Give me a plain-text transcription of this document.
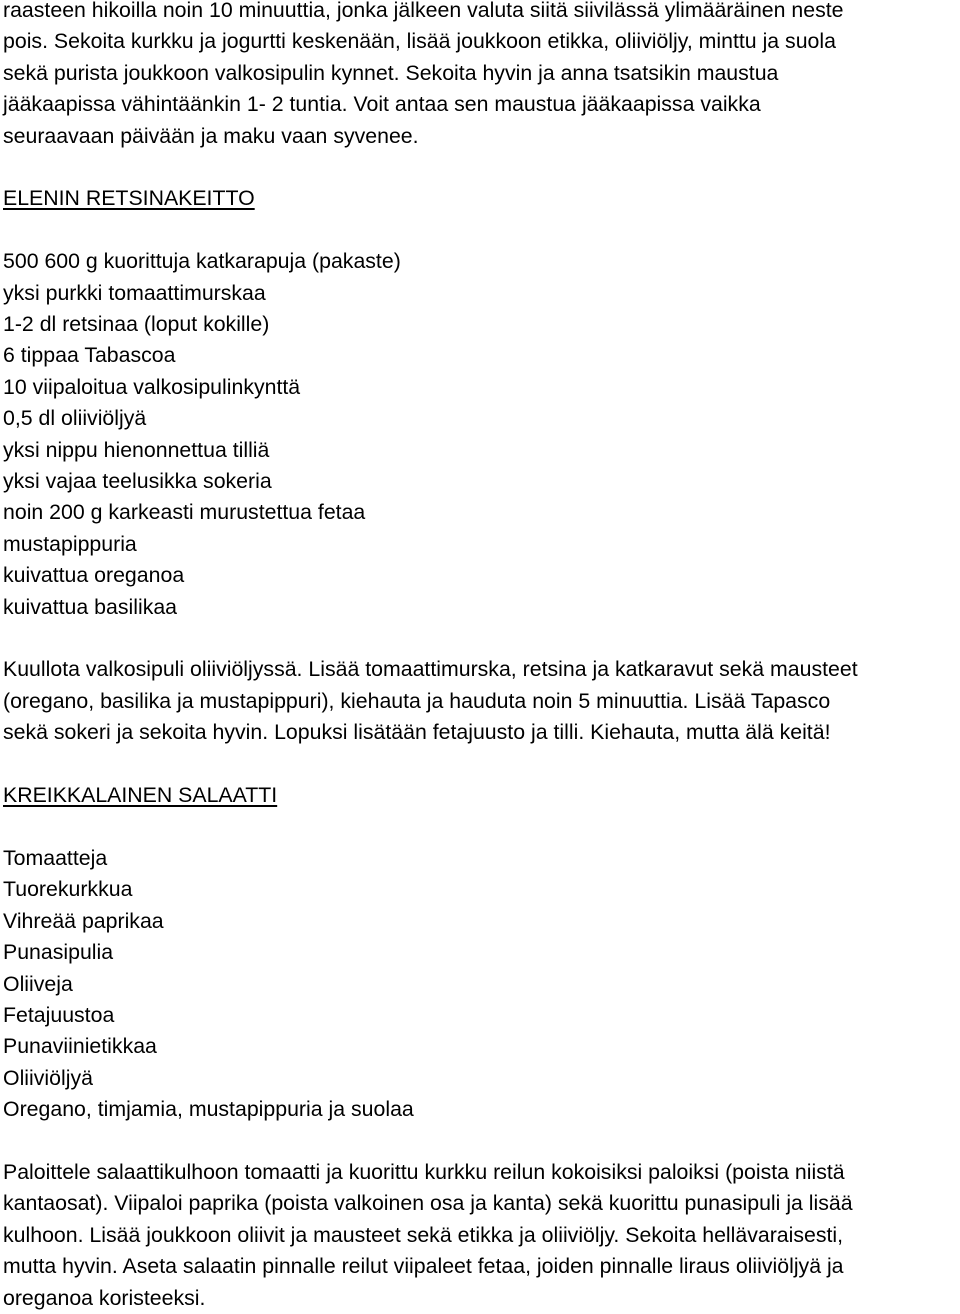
raasteen hikoilla noin 10 minuuttia, jonka jälkeen valuta siitä siivilässä ylimääräinen neste

pois. Sekoita kurkku ja jogurtti keskenään, lisää joukkoon etikka, oliiviöljy, minttu ja suola

sekä purista joukkoon valkosipulin kynnet. Sekoita hyvin ja anna tsatsikin maustua

jääkaapissa vähintäänkin 1- 2 tuntia. Voit antaa sen maustua jääkaapissa vaikka

seuraavaan päivään ja maku vaan syvenee.

ELENIN RETSINAKEITTO

500 600 g kuorittuja katkarapuja (pakaste)

yksi purkki tomaattimurskaa

1-2 dl retsinaa (loput kokille)

6 tippaa Tabascoa

10 viipaloitua valkosipulinkynttä

0,5 dl oliiviöljyä

yksi nippu hienonnettua tilliä

yksi vajaa teelusikka sokeria

noin 200 g karkeasti murustettua fetaa

mustapippuria

kuivattua oreganoa

kuivattua basilikaa

Kuullota valkosipuli oliiviöljyssä. Lisää tomaattimurska, retsina ja katkaravut sekä mausteet

(oregano, basilika ja mustapippuri), kiehauta ja hauduta noin 5 minuuttia. Lisää Tapasco

sekä sokeri ja sekoita hyvin. Lopuksi lisätään fetajuusto ja tilli. Kiehauta, mutta älä keitä!

KREIKKALAINEN SALAATTI

Tomaatteja

Tuorekurkkua

Vihreää paprikaa

Punasipulia

Oliiveja

Fetajuustoa

Punaviinietikkaa

Oliiviöljyä

Oregano, timjamia, mustapippuria ja suolaa

Paloittele salaattikulhoon tomaatti ja kuorittu kurkku reilun kokoisiksi paloiksi (poista niistä

kantaosat). Viipaloi paprika (poista valkoinen osa ja kanta) sekä kuorittu punasipuli ja lisää

kulhoon. Lisää joukkoon oliivit ja mausteet sekä etikka ja oliiviöljy. Sekoita hellävaraisesti,

mutta hyvin. Aseta salaatin pinnalle reilut viipaleet fetaa, joiden pinnalle liraus oliiviöljyä ja

oreganoa koristeeksi.
